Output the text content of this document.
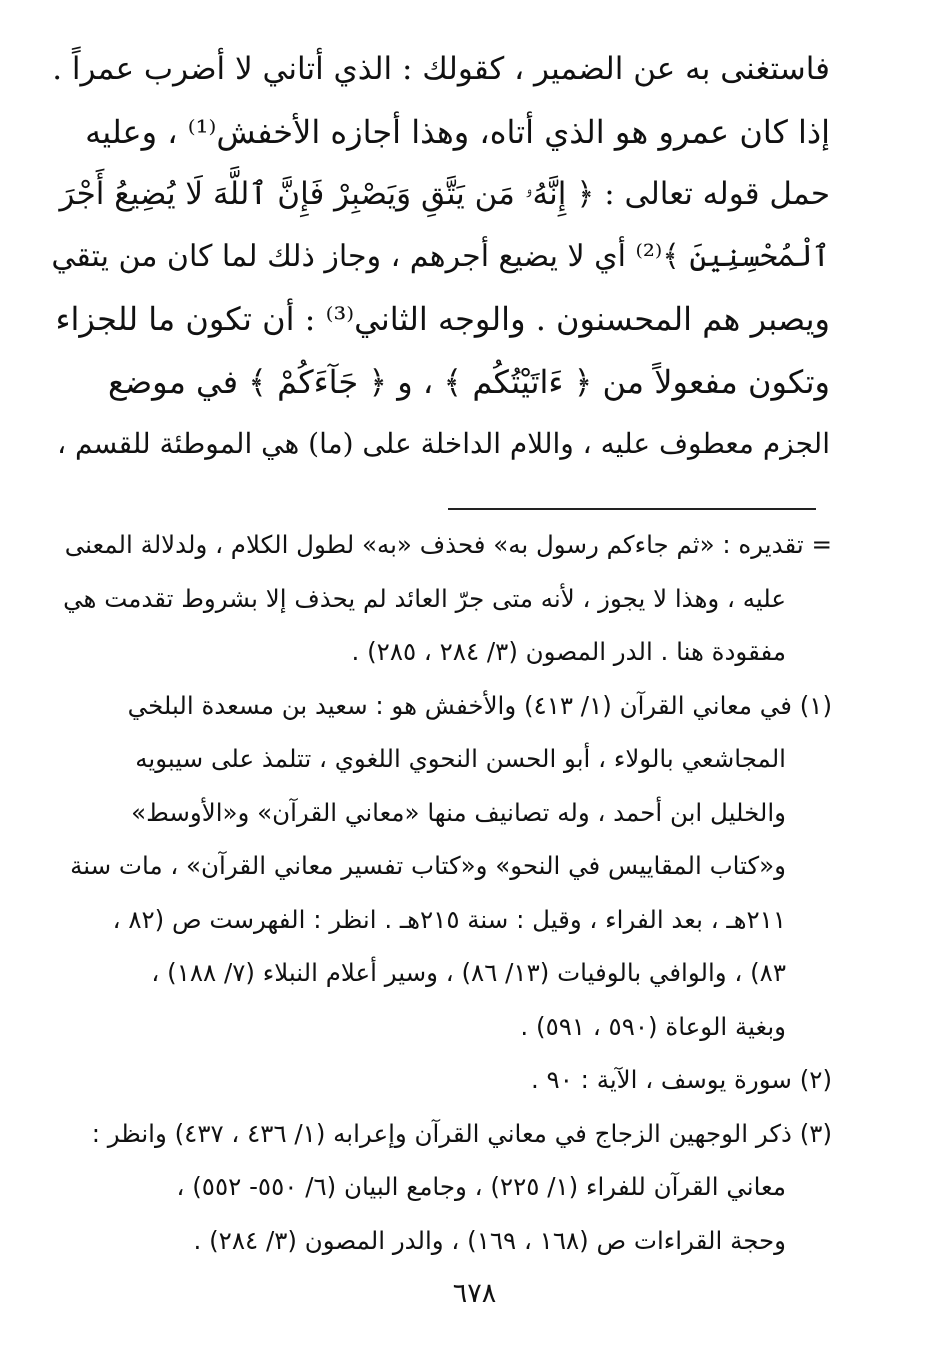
فاستغنى به عن الضمير ، كقولك : الذي أتاني لا أضرب عمراً .
إذا كان عمرو هو الذي أتاه، وهذا أجازه الأخفش⁽¹⁾ ، وعليه
حمل قوله تعالى : ﴿ إِنَّهُۥ مَن يَتَّقِ وَيَصْبِرْ فَإِنَّ ٱللَّهَ لَا يُضِيعُ أَجْرَ
ٱلْمُحْسِنِينَ ﴾⁽²⁾ أي لا يضيع أجرهم ، وجاز ذلك لما كان من يتقي
ويصبر هم المحسنون . والوجه الثاني⁽³⁾ : أن تكون ما للجزاء
وتكون مفعولاً من ﴿ ءَاتَيْتُكُم ﴾ ، و ﴿ جَآءَكُمْ ﴾ في موضع
الجزم معطوف عليه ، واللام الداخلة على (ما) هي الموطئة للقسم ،
= تقديره : «ثم جاءكم رسول به» فحذف «به» لطول الكلام ، ولدلالة المعنى
عليه ، وهذا لا يجوز ، لأنه متى جرّ العائد لم يحذف إلا بشروط تقدمت هي
مفقودة هنا . الدر المصون (٣/ ٢٨٤ ، ٢٨٥) .
(١) في معاني القرآن (١/ ٤١٣) والأخفش هو : سعيد بن مسعدة البلخي
المجاشعي بالولاء ، أبو الحسن النحوي اللغوي ، تتلمذ على سيبويه
والخليل ابن أحمد ، وله تصانيف منها «معاني القرآن» و«الأوسط»
و«كتاب المقاييس في النحو» و«كتاب تفسير معاني القرآن» ، مات سنة
٢١١هـ ، بعد الفراء ، وقيل : سنة ٢١٥هـ . انظر : الفهرست ص (٨٢ ،
٨٣) ، والوافي بالوفيات (١٣/ ٨٦) ، وسير أعلام النبلاء (٧/ ١٨٨) ،
وبغية الوعاة (٥٩٠ ، ٥٩١) .
(٢) سورة يوسف ، الآية : ٩٠ .
(٣) ذكر الوجهين الزجاج في معاني القرآن وإعرابه (١/ ٤٣٦ ، ٤٣٧) وانظر :
معاني القرآن للفراء (١/ ٢٢٥) ، وجامع البيان (٦/ ٥٥٠- ٥٥٢) ،
وحجة القراءات ص (١٦٨ ، ١٦٩) ، والدر المصون (٣/ ٢٨٤) .
٦٧٨
